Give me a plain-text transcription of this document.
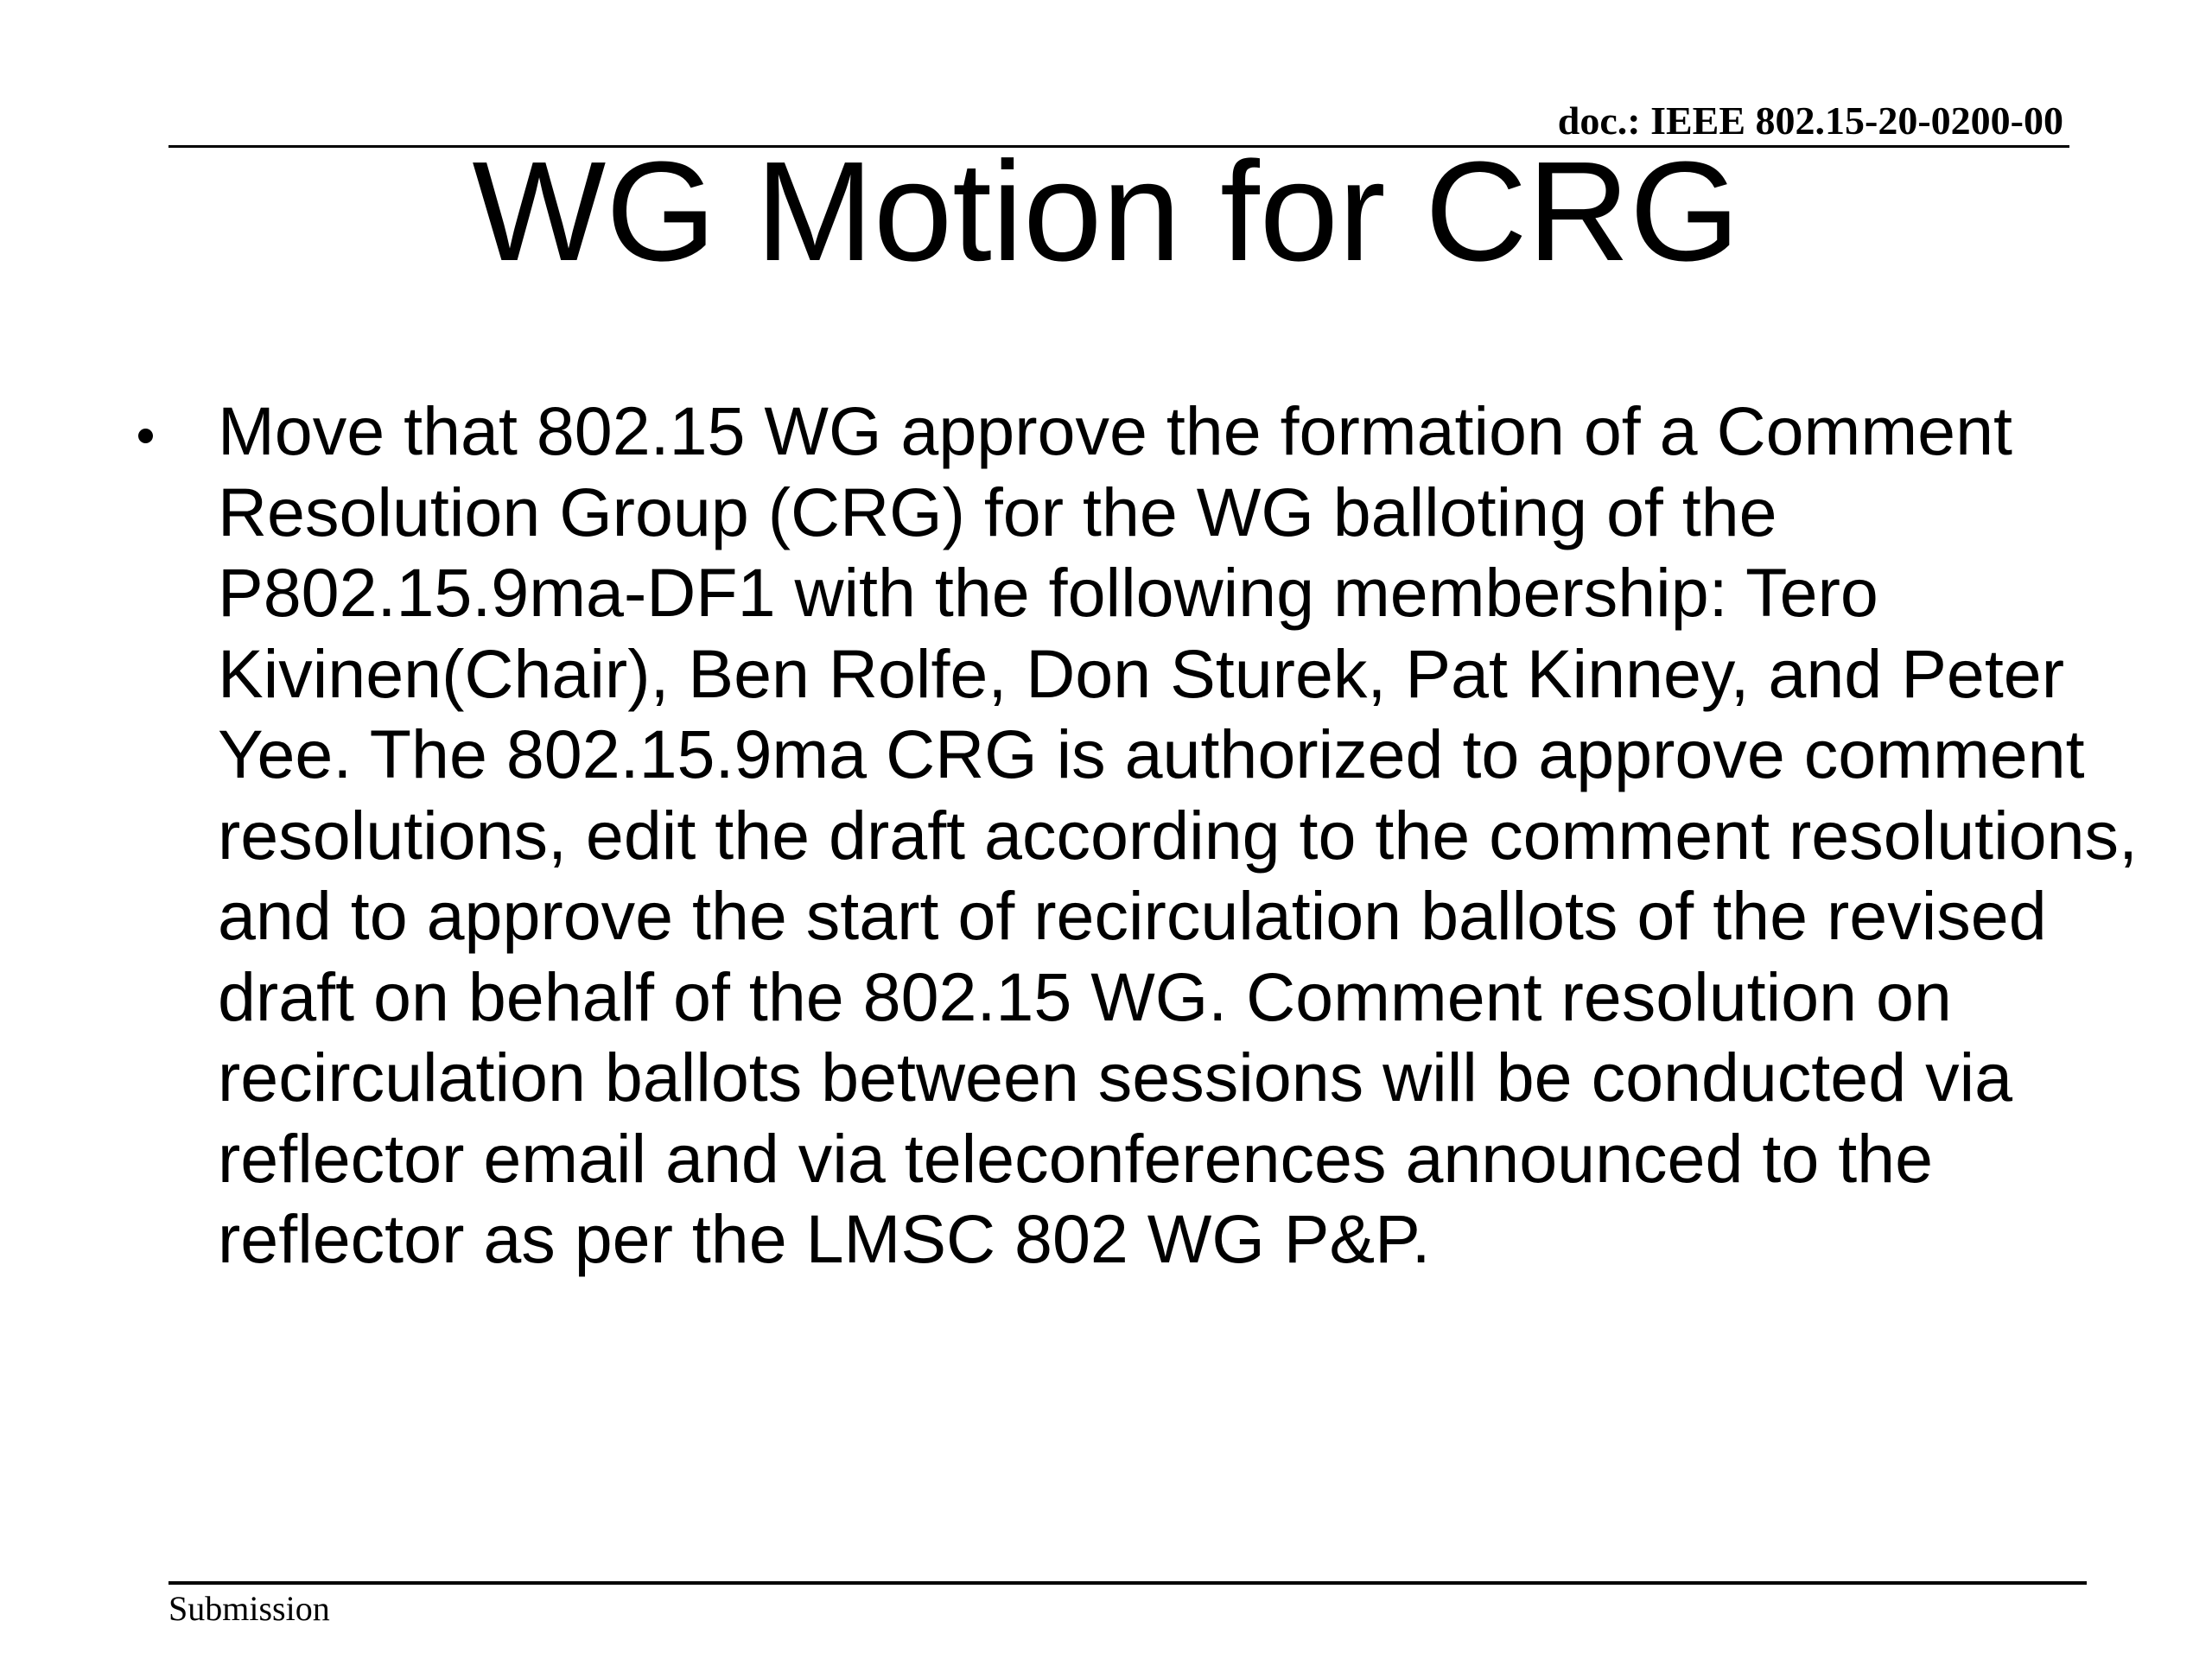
doc.: IEEE 802.15-20-0200-00
WG Motion for CRG
Move that 802.15 WG approve the formation of a Comment Resolution Group (CRG) for the WG balloting of the P802.15.9ma-DF1 with the following membership: Tero Kivinen(Chair), Ben Rolfe, Don Sturek, Pat Kinney, and Peter Yee. The 802.15.9ma CRG is authorized to approve comment resolutions, edit the draft according to the comment resolutions, and to approve the start of recirculation ballots of the revised draft on behalf of the 802.15 WG. Comment resolution on recirculation ballots between sessions will be conducted via reflector email and via teleconferences announced to the reflector as per the LMSC 802 WG P&P.
Submission
